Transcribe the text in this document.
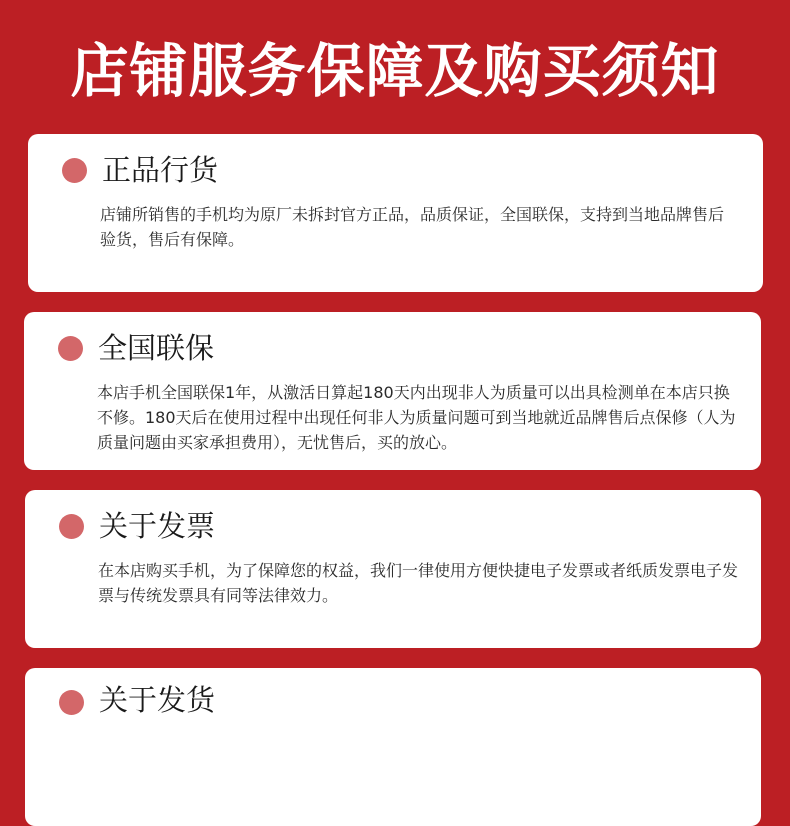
店铺服务保障及购买须知
正品行货
店铺所销售的手机均为原厂未拆封官方正品，品质保证，全国联保，支持到当地品牌售后验货，售后有保障。
全国联保
本店手机全国联保1年，从激活日算起180天内出现非人为质量可以出具检测单在本店只换不修。180天后在使用过程中出现任何非人为质量问题可到当地就近品牌售后点保修（人为质量问题由买家承担费用），无忧售后，买的放心。
关于发票
在本店购买手机，为了保障您的权益，我们一律使用方便快捷电子发票或者纸质发票电子发票与传统发票具有同等法律效力。
关于发货
